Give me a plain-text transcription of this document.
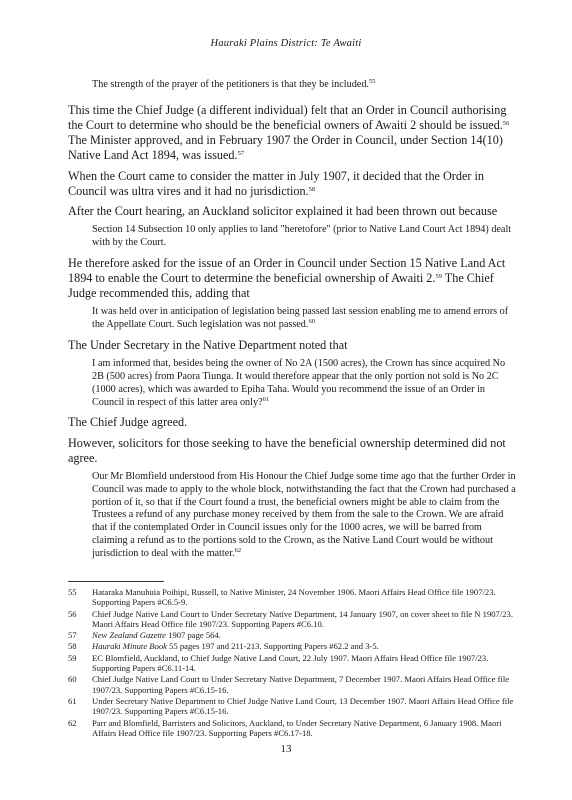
Hauraki Plains District: Te Awaiti

The strength of the prayer of the petitioners is that they be included.$^{55}$

This time the Chief Judge (a different individual) felt that an Order in Council authorising the Court to determine who should be the beneficial owners of Awaiti 2 should be issued.$^{56}$ The Minister approved, and in February 1907 the Order in Council, under Section 14(10) Native Land Act 1894, was issued.$^{57}$

When the Court came to consider the matter in July 1907, it decided that the Order in Council was ultra vires and it had no jurisdiction.$^{58}$

After the Court hearing, an Auckland solicitor explained it had been thrown out because

Section 14 Subsection 10 only applies to land "heretofore" (prior to Native Land Court Act 1894) dealt with by the Court.

He therefore asked for the issue of an Order in Council under Section 15 Native Land Act 1894 to enable the Court to determine the beneficial ownership of Awaiti 2.59 The Chief Judge recommended this, adding that

It was held over in anticipation of legislation being passed last session enabling me to amend errors of the Appellate Court. Such legislation was not passed.$^{60}$

The Under Secretary in the Native Department noted that

I am informed that, besides being the owner of No 2A (1500 acres), the Crown has since acquired No 2B (500 acres) from Paora Tiunga. It would therefore appear that the only portion not sold is No 2C (1000 acres), which was awarded to Epiha Taha. Would you recommend the issue of an Order in Council in respect of this latter area only?$^{61}$

The Chief Judge agreed.

However, solicitors for those seeking to have the beneficial ownership determined did not agree.

Our Mr Blomfield understood from His Honour the Chief Judge some time ago that the further Order in Council was made to apply to the whole block, notwithstanding the fact that the Crown had purchased a portion of it, so that if the Court found a trust, the beneficial owners might be able to claim from the Trustees a refund of any purchase money received by them from the sale to the Crown. We are afraid that if the contemplated Order in Council issues only for the 1000 acres, we will be barred from claiming a refund as to the portions sold to the Crown, as the Native Land Court would be without jurisdiction to deal with the matter.$^{62}$

55	Hataraka Manuhuia Poihipi, Russell, to Native Minister, 24 November 1906. Maori Affairs Head Office file 1907/23. Supporting Papers #C6.5-9.
56	Chief Judge Native Land Court to Under Secretary Native Department, 14 January 1907, on cover sheet to file N 1907/23. Maori Affairs Head Office file 1907/23. Supporting Papers #C6.10.
57	New Zealand Gazette 1907 page 564.
58	Hauraki Minute Book 55 pages 197 and 211-213. Supporting Papers #62.2 and 3-5.
59	EC Blomfield, Auckland, to Chief Judge Native Land Court, 22 July 1907. Maori Affairs Head Office file 1907/23. Supporting Papers #C6.11-14.
60	Chief Judge Native Land Court to Under Secretary Native Department, 7 December 1907. Maori Affairs Head Office file 1907/23. Supporting Papers #C6.15-16.
61	Under Secretary Native Department to Chief Judge Native Land Court, 13 December 1907. Maori Affairs Head Office file 1907/23. Supporting Papers #C6.15-16.
62	Parr and Blomfield, Barristers and Solicitors, Auckland, to Under Secretary Native Department, 6 January 1908. Maori Affairs Head Office file 1907/23. Supporting Papers #C6.17-18.
13
